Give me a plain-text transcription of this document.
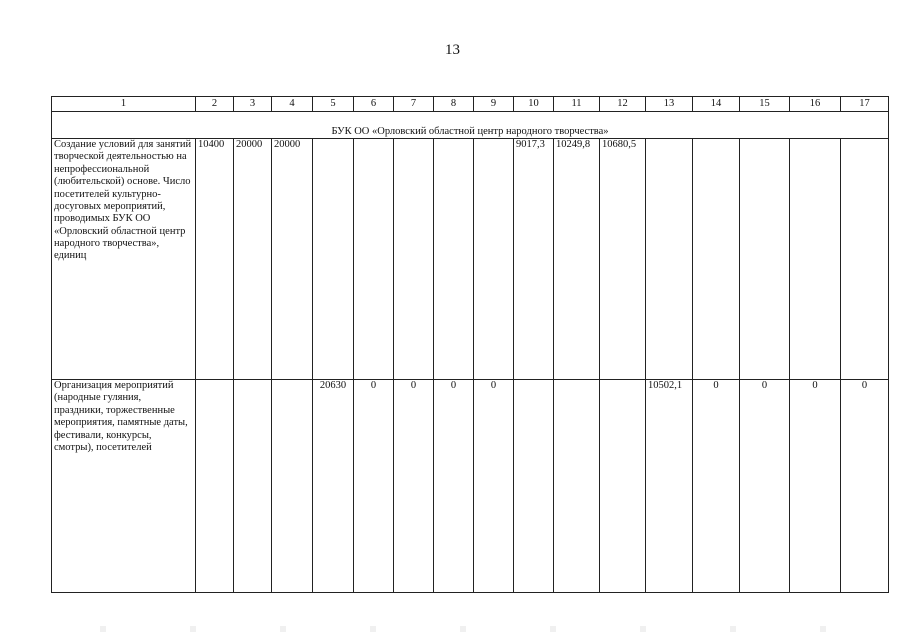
13
1	2	3	4	5	6	7	8	9	10	11	12	13	14	15	16	17

БУК ОО «Орловский областной центр народного творчества»																
Создание условий для занятий творческой деятельностью на непрофессиональной (любительской) основе. Число посетителей культурно-досуговых мероприятий, проводимых БУК ОО «Орловский областной центр народного творчества», единиц	10400	20000	20000						9017,3	10249,8	10680,5					
Организация мероприятий (народные гуляния, праздники, торжественные мероприятия, памятные даты, фестивали, конкурсы, смотры), посетителей				20630	0	0	0	0				10502,1	0	0	0	0
